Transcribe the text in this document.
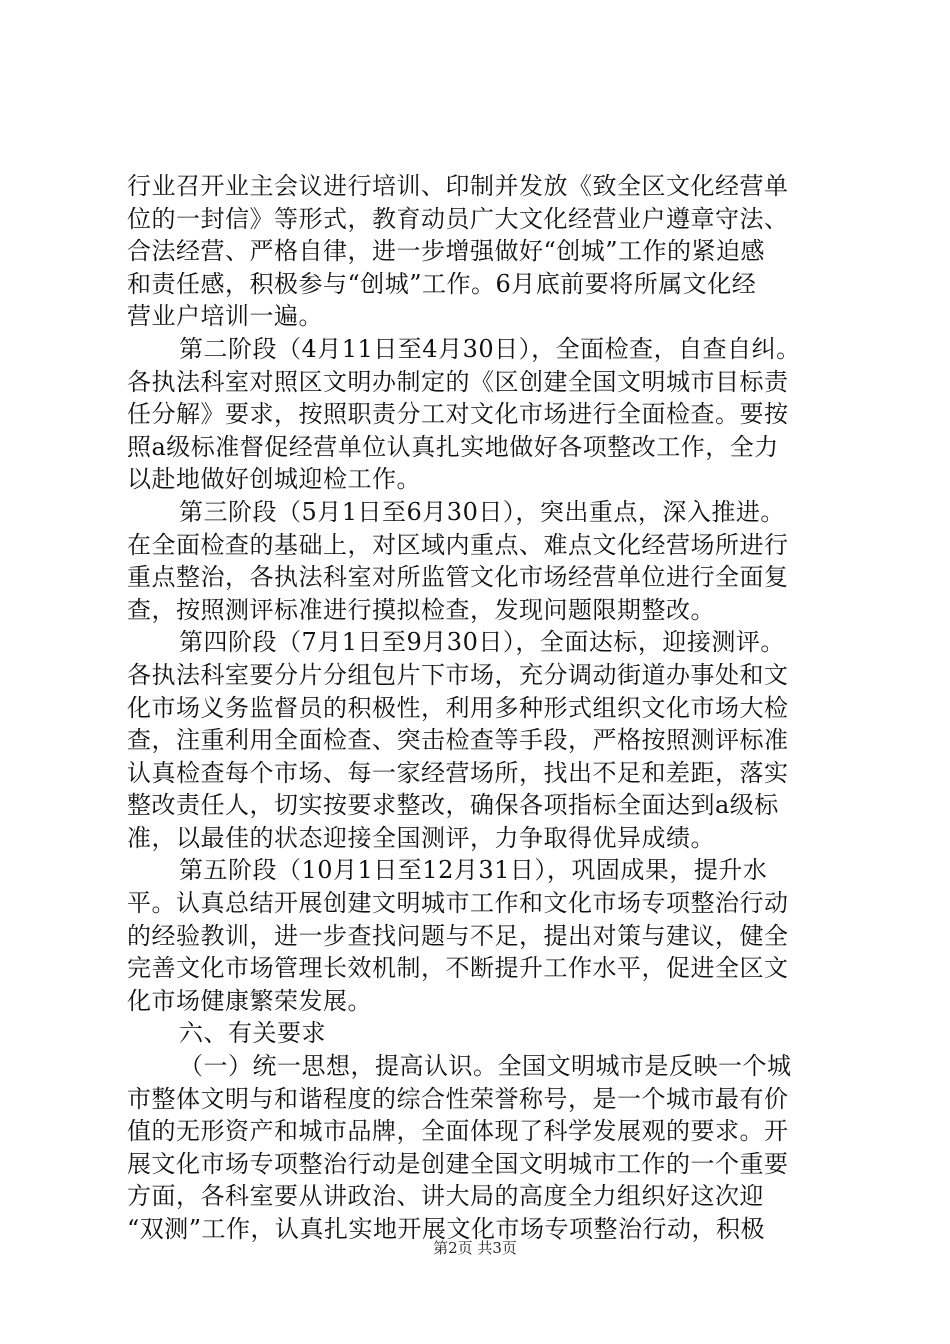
行业召开业主会议进行培训、印制并发放《致全区文化经营单
位的一封信》等形式，教育动员广大文化经营业户遵章守法、
合法经营、严格自律，进一步增强做好“创城”工作的紧迫感
和责任感，积极参与“创城”工作。6月底前要将所属文化经
营业户培训一遍。
第二阶段（4月11日至4月30日），全面检查，自查自纠。
各执法科室对照区文明办制定的《区创建全国文明城市目标责
任分解》要求，按照职责分工对文化市场进行全面检查。要按
照a级标准督促经营单位认真扎实地做好各项整改工作，全力
以赴地做好创城迎检工作。
第三阶段（5月1日至6月30日），突出重点，深入推进。
在全面检查的基础上，对区域内重点、难点文化经营场所进行
重点整治，各执法科室对所监管文化市场经营单位进行全面复
查，按照测评标准进行摸拟检查，发现问题限期整改。
第四阶段（7月1日至9月30日），全面达标，迎接测评。
各执法科室要分片分组包片下市场，充分调动街道办事处和文
化市场义务监督员的积极性，利用多种形式组织文化市场大检
查，注重利用全面检查、突击检查等手段，严格按照测评标准
认真检查每个市场、每一家经营场所，找出不足和差距，落实
整改责任人，切实按要求整改，确保各项指标全面达到a级标
准，以最佳的状态迎接全国测评，力争取得优异成绩。
第五阶段（10月1日至12月31日），巩固成果，提升水
平。认真总结开展创建文明城市工作和文化市场专项整治行动
的经验教训，进一步查找问题与不足，提出对策与建议，健全
完善文化市场管理长效机制，不断提升工作水平，促进全区文
化市场健康繁荣发展。
六、有关要求
（一）统一思想，提高认识。全国文明城市是反映一个城
市整体文明与和谐程度的综合性荣誉称号，是一个城市最有价
值的无形资产和城市品牌，全面体现了科学发展观的要求。开
展文化市场专项整治行动是创建全国文明城市工作的一个重要
方面，各科室要从讲政治、讲大局的高度全力组织好这次迎
“双测”工作，认真扎实地开展文化市场专项整治行动，积极
第2页 共3页
